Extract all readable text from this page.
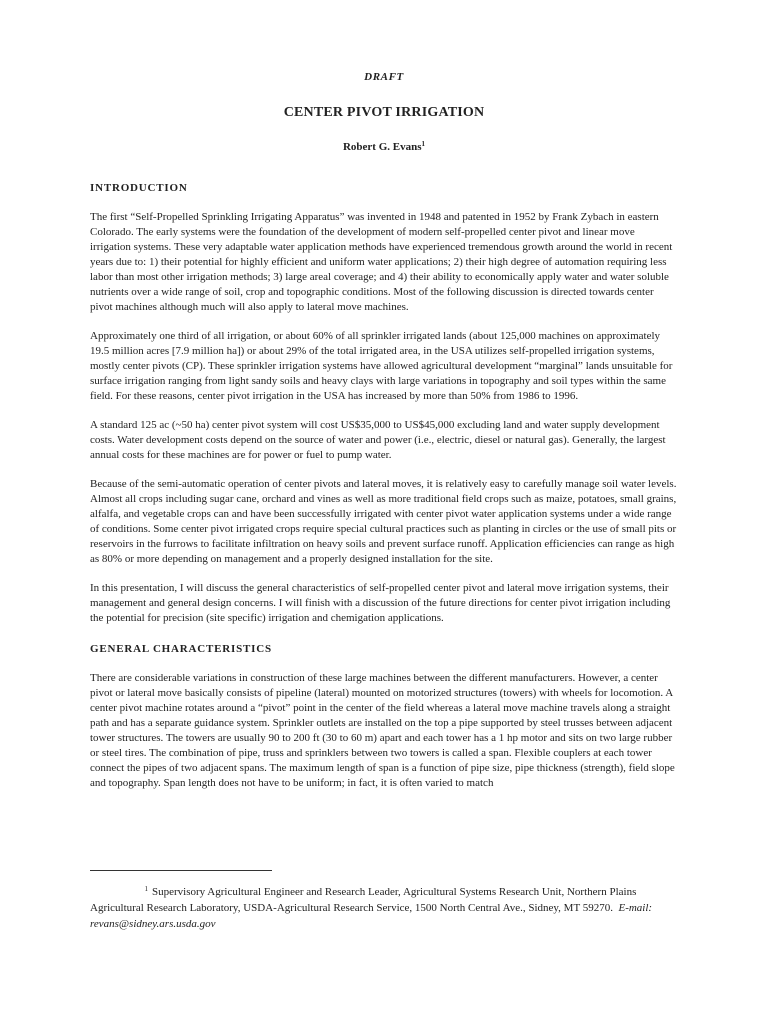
DRAFT

CENTER PIVOT IRRIGATION

Robert G. Evans$^1$

INTRODUCTION

The first “Self-Propelled Sprinkling Irrigating Apparatus” was invented in 1948 and patented in 1952 by Frank Zybach in eastern Colorado. The early systems were the foundation of the development of modern self-propelled center pivot and linear move irrigation systems. These very adaptable water application methods have experienced tremendous growth around the world in recent years due to: 1) their potential for highly efficient and uniform water applications; 2) their high degree of automation requiring less labor than most other irrigation methods; 3) large areal coverage; and 4) their ability to economically apply water and water soluble nutrients over a wide range of soil, crop and topographic conditions. Most of the following discussion is directed towards center pivot machines although much will also apply to lateral move machines.

Approximately one third of all irrigation, or about 60% of all sprinkler irrigated lands (about 125,000 machines on approximately 19.5 million acres [7.9 million ha]) or about 29% of the total irrigated area, in the USA utilizes self-propelled irrigation systems, mostly center pivots (CP). These sprinkler irrigation systems have allowed agricultural development “marginal” lands unsuitable for surface irrigation ranging from light sandy soils and heavy clays with large variations in topography and soil types within the same field. For these reasons, center pivot irrigation in the USA has increased by more than 50% from 1986 to 1996.

A standard 125 ac (~50 ha) center pivot system will cost US$35,000 to US$45,000 excluding land and water supply development costs. Water development costs depend on the source of water and power (i.e., electric, diesel or natural gas). Generally, the largest annual costs for these machines are for power or fuel to pump water.

Because of the semi-automatic operation of center pivots and lateral moves, it is relatively easy to carefully manage soil water levels. Almost all crops including sugar cane, orchard and vines as well as more traditional field crops such as maize, potatoes, small grains, alfalfa, and vegetable crops can and have been successfully irrigated with center pivot water application systems under a wide range of conditions. Some center pivot irrigated crops require special cultural practices such as planting in circles or the use of small pits or reservoirs in the furrows to facilitate infiltration on heavy soils and prevent surface runoff. Application efficiencies can range as high as 80% or more depending on management and a properly designed installation for the site.

In this presentation, I will discuss the general characteristics of self-propelled center pivot and lateral move irrigation systems, their management and general design concerns. I will finish with a discussion of the future directions for center pivot irrigation including the potential for precision (site specific) irrigation and chemigation applications.

GENERAL CHARACTERISTICS

There are considerable variations in construction of these large machines between the different manufacturers. However, a center pivot or lateral move basically consists of pipeline (lateral) mounted on motorized structures (towers) with wheels for locomotion. A center pivot machine rotates around a “pivot” point in the center of the field whereas a lateral move machine travels along a straight path and has a separate guidance system. Sprinkler outlets are installed on the top a pipe supported by steel trusses between adjacent tower structures. The towers are usually 90 to 200 ft (30 to 60 m) apart and each tower has a 1 hp motor and sits on two large rubber or steel tires. The combination of pipe, truss and sprinklers between two towers is called a span. Flexible couplers at each tower connect the pipes of two adjacent spans. The maximum length of span is a function of pipe size, pipe thickness (strength), field slope and topography. Span length does not have to be uniform; in fact, it is often varied to match

1 Supervisory Agricultural Engineer and Research Leader, Agricultural Systems Research Unit, Northern Plains Agricultural Research Laboratory, USDA-Agricultural Research Service, 1500 North Central Ave., Sidney, MT 59270. E-mail: revans@sidney.ars.usda.gov
